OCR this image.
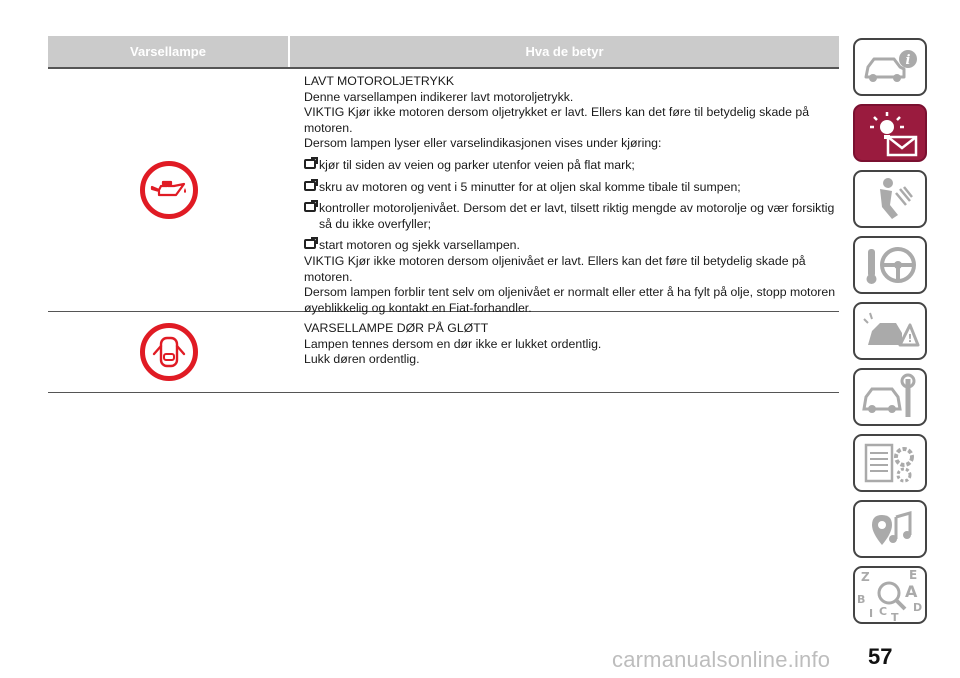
Varsellampe	Hva de betyr
LAVT MOTOROLJETRYKK
Denne varsellampen indikerer lavt motoroljetrykk.
VIKTIG Kjør ikke motoren dersom oljetrykket er lavt. Ellers kan det føre til betydelig skade på motoren.
Dersom lampen lyser eller varselindikasjonen vises under kjøring:
kjør til siden av veien og parker utenfor veien på flat mark;
skru av motoren og vent i 5 minutter for at oljen skal komme tibale til sumpen;
kontroller motoroljenivået. Dersom det er lavt, tilsett riktig mengde av motorolje og vær forsiktig så du ikke overfyller;
start motoren og sjekk varsellampen.
VIKTIG Kjør ikke motoren dersom oljenivået er lavt. Ellers kan det føre til betydelig skade på motoren.
Dersom lampen forblir tent selv om oljenivået er normalt eller etter å ha fylt på olje, stopp motoren øyeblikkelig og kontakt en Fiat-forhandler.
VARSELLAMPE DØR PÅ GLØTT
Lampen tennes dersom en dør ikke er lukket ordentlig.
Lukk døren ordentlig.
i
!
Z	E
B A
D
C T
I
carmanualsonline.info 57
